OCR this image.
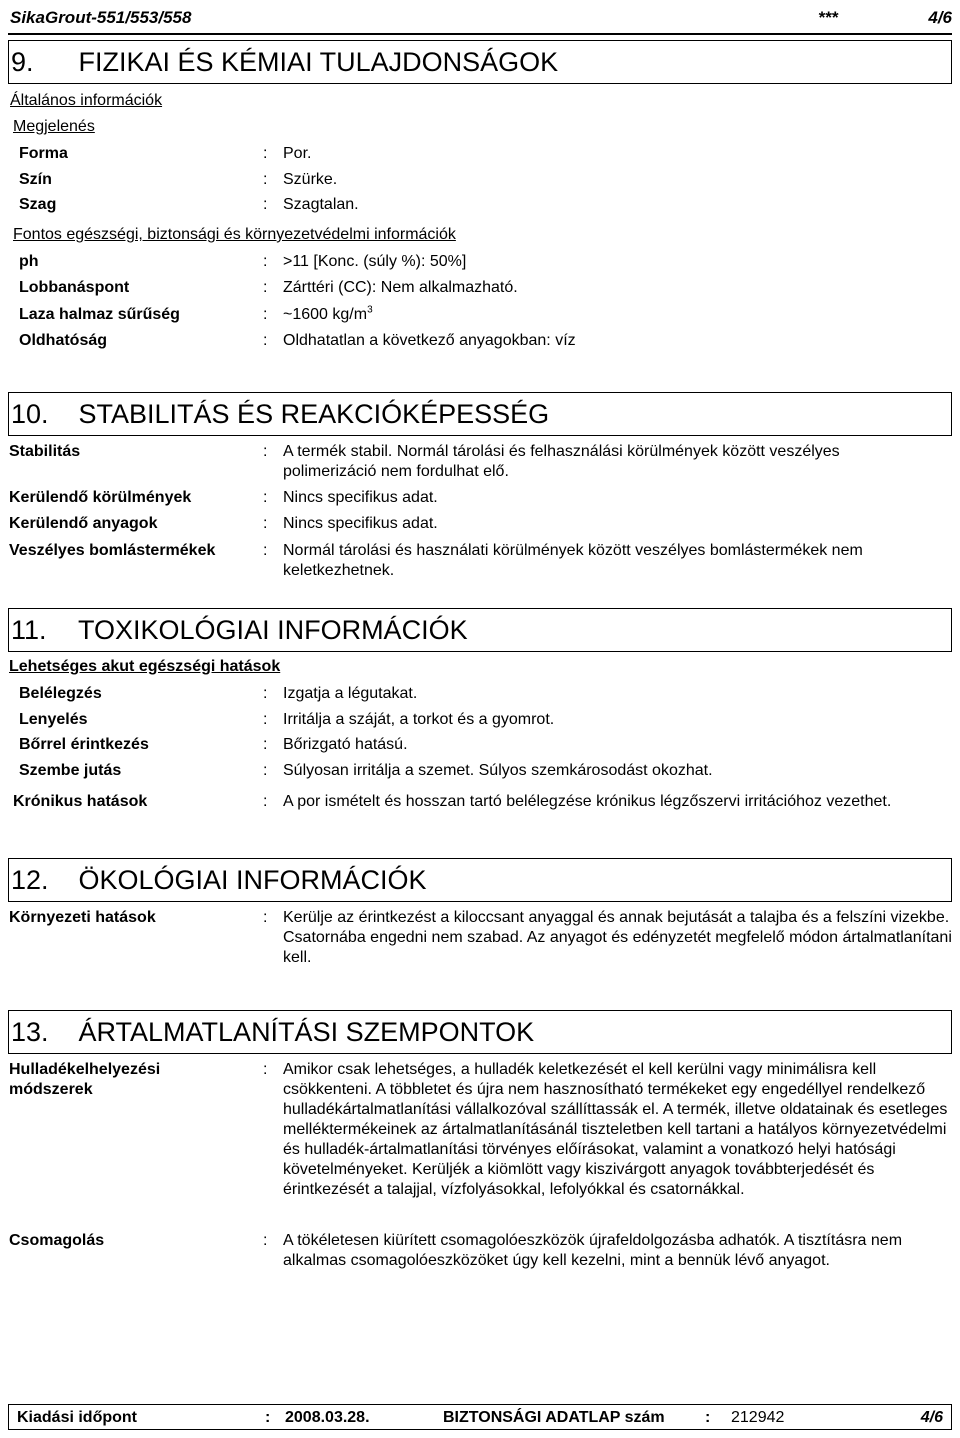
SikaGrout-551/553/558	***	4/6
9. FIZIKAI ÉS KÉMIAI TULAJDONSÁGOK
Általános információk
Megjelenés
Forma	: Por.
Szín	: Szürke.
Szag	: Szagtalan.
Fontos egészségi, biztonsági és környezetvédelmi információk
ph	: >11 [Konc. (súly %): 50%]
Lobbanáspont	: Zárttéri (CC): Nem alkalmazható.
Laza halmaz sűrűség	: ~1600 $kg/m^3$
Oldhatóság	: Oldhatatlan a következő anyagokban: víz
10. STABILITÁS ÉS REAKCIÓKÉPESSÉG
Stabilitás	: A termék stabil. Normál tárolási és felhasználási körülmények között veszélyes polimerizáció nem fordulhat elő.
Kerülendő körülmények	: Nincs specifikus adat.
Kerülendő anyagok	: Nincs specifikus adat.
Veszélyes bomlástermékek	: Normál tárolási és használati körülmények között veszélyes bomlástermékek nem keletkezhetnek.
11. TOXIKOLÓGIAI INFORMÁCIÓK
Lehetséges akut egészségi hatások
Belélegzés	: Izgatja a légutakat.
Lenyelés	: Irritálja a száját, a torkot és a gyomrot.
Bőrrel érintkezés	: Bőrizgató hatású.
Szembe jutás	: Súlyosan irritálja a szemet. Súlyos szemkárosodást okozhat.
Krónikus hatások	: A por ismételt és hosszan tartó belélegzése krónikus légzőszervi irritációhoz vezethet.
12. ÖKOLÓGIAI INFORMÁCIÓK
Környezeti hatások	: Kerülje az érintkezést a kiloccsant anyaggal és annak bejutását a talajba és a felszíni vizekbe. Csatornába engedni nem szabad. Az anyagot és edényzetét megfelelő módon ártalmatlanítani kell.
13. ÁRTALMATLANÍTÁSI SZEMPONTOK
Hulladékelhelyezési módszerek
: Amikor csak lehetséges, a hulladék keletkezését el kell kerülni vagy minimálisra kell csökkenteni. A többletet és újra nem hasznosítható termékeket egy engedéllyel rendelkező hulladékártalmatlanítási vállalkozóval szállíttassák el. A termék, illetve oldatainak és esetleges melléktermékeinek az ártalmatlanításánál tiszteletben kell tartani a hatályos környezetvédelmi és hulladék-ártalmatlanítási törvényes előírásokat, valamint a vonatkozó helyi hatósági követelményeket. Kerüljék a kiömlött vagy kiszivárgott anyagok továbbterjedését és érintkezését a talajjal, vízfolyásokkal, lefolyókkal és csatornákkal.
Csomagolás	: A tökéletesen kiürített csomagolóeszközök újrafeldolgozásba adhatók. A tisztításra nem alkalmas csomagolóeszközöket úgy kell kezelni, mint a bennük lévő anyagot.
Kiadási időpont	: 2008.03.28.	BIZTONSÁGI ADATLAP szám	: 212942	4/6
